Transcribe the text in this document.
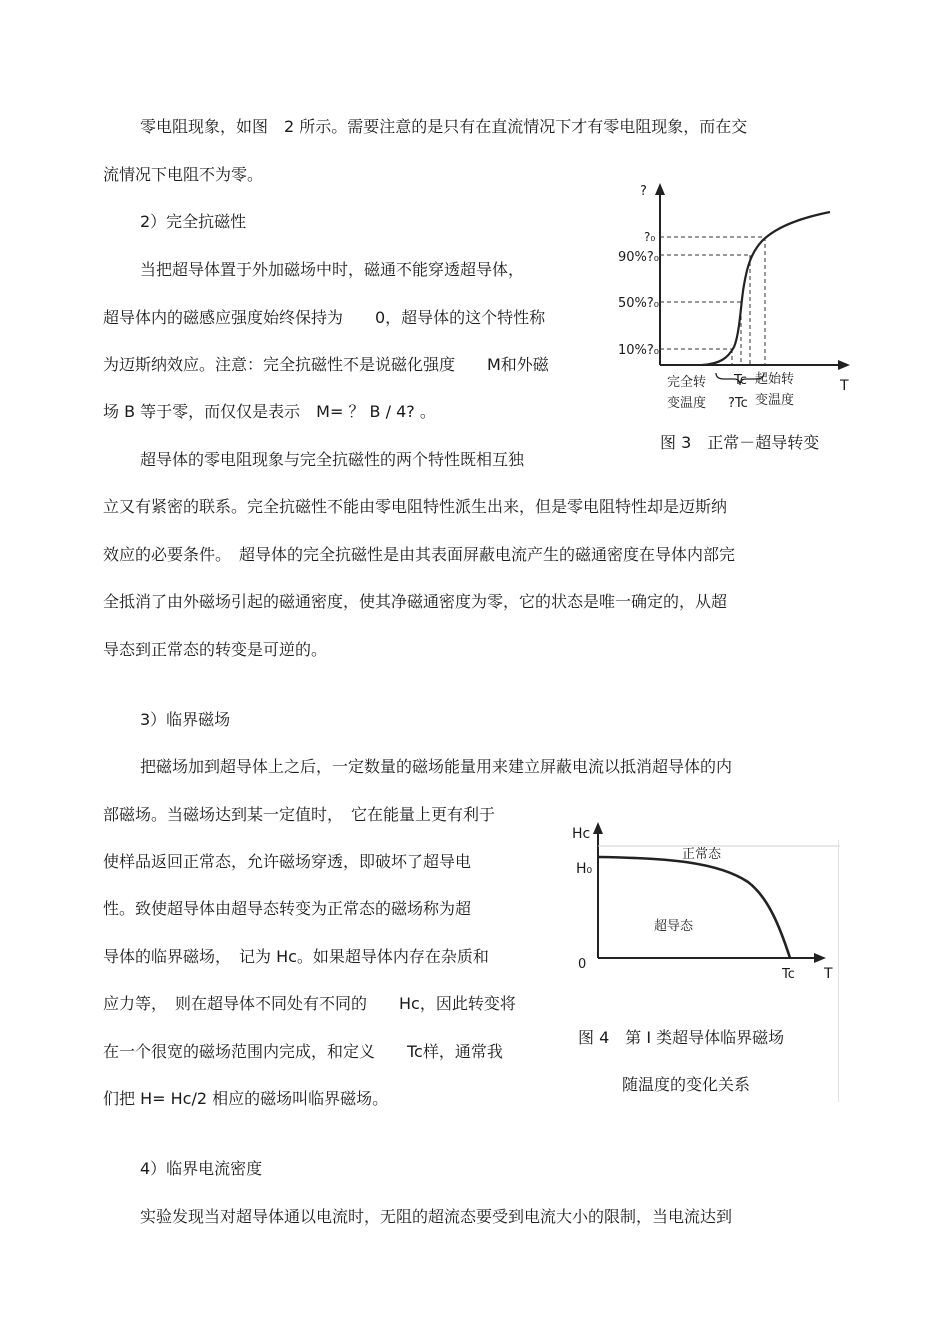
零电阻现象，如图　2 所示。需要注意的是只有在直流情况下才有零电阻现象，而在交
流情况下电阻不为零。
2）完全抗磁性
当把超导体置于外加磁场中时，磁通不能穿透超导体，
超导体内的磁感应强度始终保持为　　0，超导体的这个特性称
为迈斯纳效应。注意：完全抗磁性不是说磁化强度　　M和外磁
场 B 等于零，而仅仅是表示　M= ？ B / 4? 。
超导体的零电阻现象与完全抗磁性的两个特性既相互独
立又有紧密的联系。完全抗磁性不能由零电阻特性派生出来，但是零电阻特性却是迈斯纳
效应的必要条件。　超导体的完全抗磁性是由其表面屏蔽电流产生的磁通密度在导体内部完
全抵消了由外磁场引起的磁通密度，使其净磁通密度为零，它的状态是唯一确定的，从超
导态到正常态的转变是可逆的。
3）临界磁场
把磁场加到超导体上之后，一定数量的磁场能量用来建立屏蔽电流以抵消超导体的内
部磁场。当磁场达到某一定值时，　它在能量上更有利于
使样品返回正常态，允许磁场穿透，即破坏了超导电
性。致使超导体由超导态转变为正常态的磁场称为超
导体的临界磁场，　记为 Hc。如果超导体内存在杂质和
应力等，　则在超导体不同处有不同的　　Hc，因此转变将
在一个很宽的磁场范围内完成，和定义　　Tc样，通常我
们把 H= Hc/2 相应的磁场叫临界磁场。
4）临界电流密度
实验发现当对超导体通以电流时，无阻的超流态要受到电流大小的限制，当电流达到
?
?₀
90%?₀
50%?₀
10%?₀
T
完全转
变温度
起始转
变温度
Tc
?Tc
图 3　正常－超导转变
Hc
H₀
0
Tc T
正常态
超导态
图 4　第 I 类超导体临界磁场
随温度的变化关系
